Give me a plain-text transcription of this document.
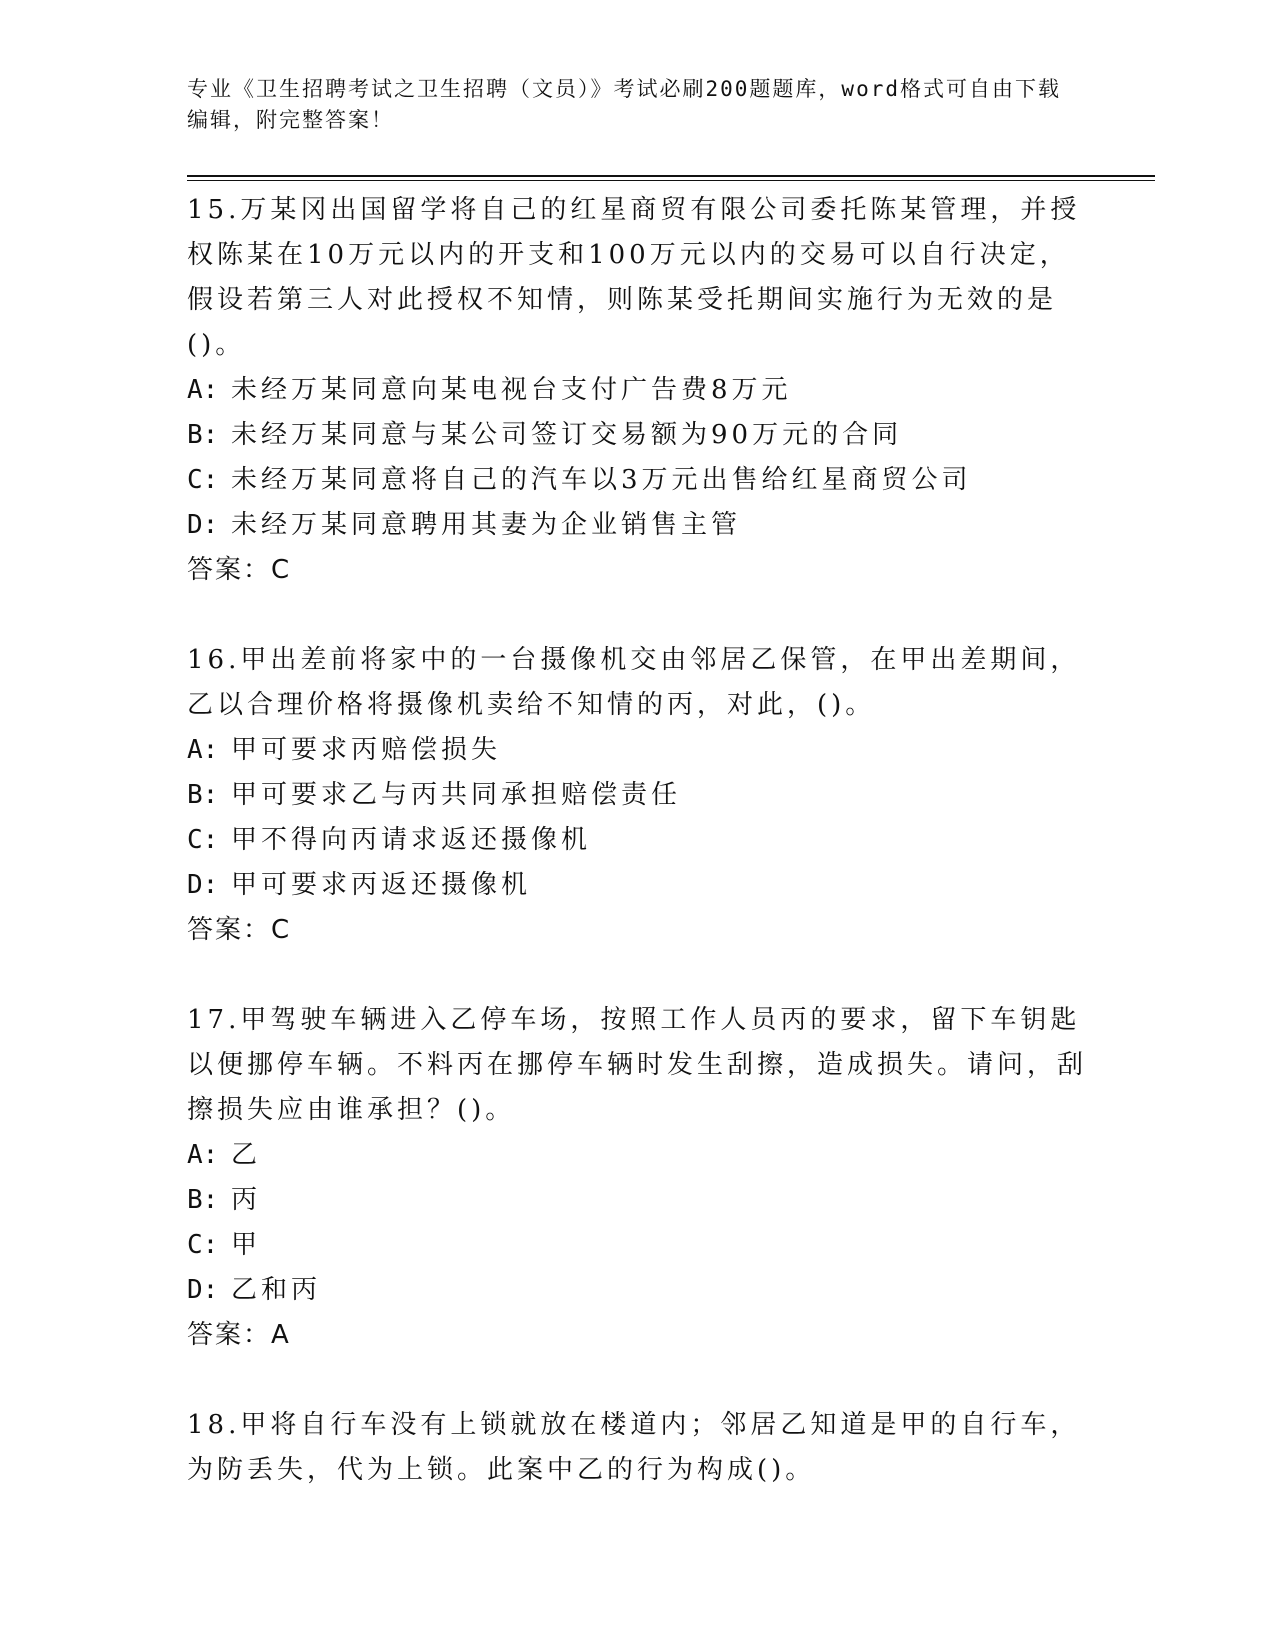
专业《卫生招聘考试之卫生招聘（文员）》考试必刷200题题库，word格式可自由下载编辑，附完整答案！
15.万某冈出国留学将自己的红星商贸有限公司委托陈某管理，并授权陈某在10万元以内的开支和100万元以内的交易可以自行决定，假设若第三人对此授权不知情，则陈某受托期间实施行为无效的是()。
A: 未经万某同意向某电视台支付广告费8万元
B: 未经万某同意与某公司签订交易额为90万元的合同
C: 未经万某同意将自己的汽车以3万元出售给红星商贸公司
D: 未经万某同意聘用其妻为企业销售主管
答案：C
16.甲出差前将家中的一台摄像机交由邻居乙保管，在甲出差期间，乙以合理价格将摄像机卖给不知情的丙，对此，()。
A: 甲可要求丙赔偿损失
B: 甲可要求乙与丙共同承担赔偿责任
C: 甲不得向丙请求返还摄像机
D: 甲可要求丙返还摄像机
答案：C
17.甲驾驶车辆进入乙停车场，按照工作人员丙的要求，留下车钥匙以便挪停车辆。不料丙在挪停车辆时发生刮擦，造成损失。请问，刮擦损失应由谁承担？()。
A: 乙
B: 丙
C: 甲
D: 乙和丙
答案：A
18.甲将自行车没有上锁就放在楼道内；邻居乙知道是甲的自行车，为防丢失，代为上锁。此案中乙的行为构成()。
